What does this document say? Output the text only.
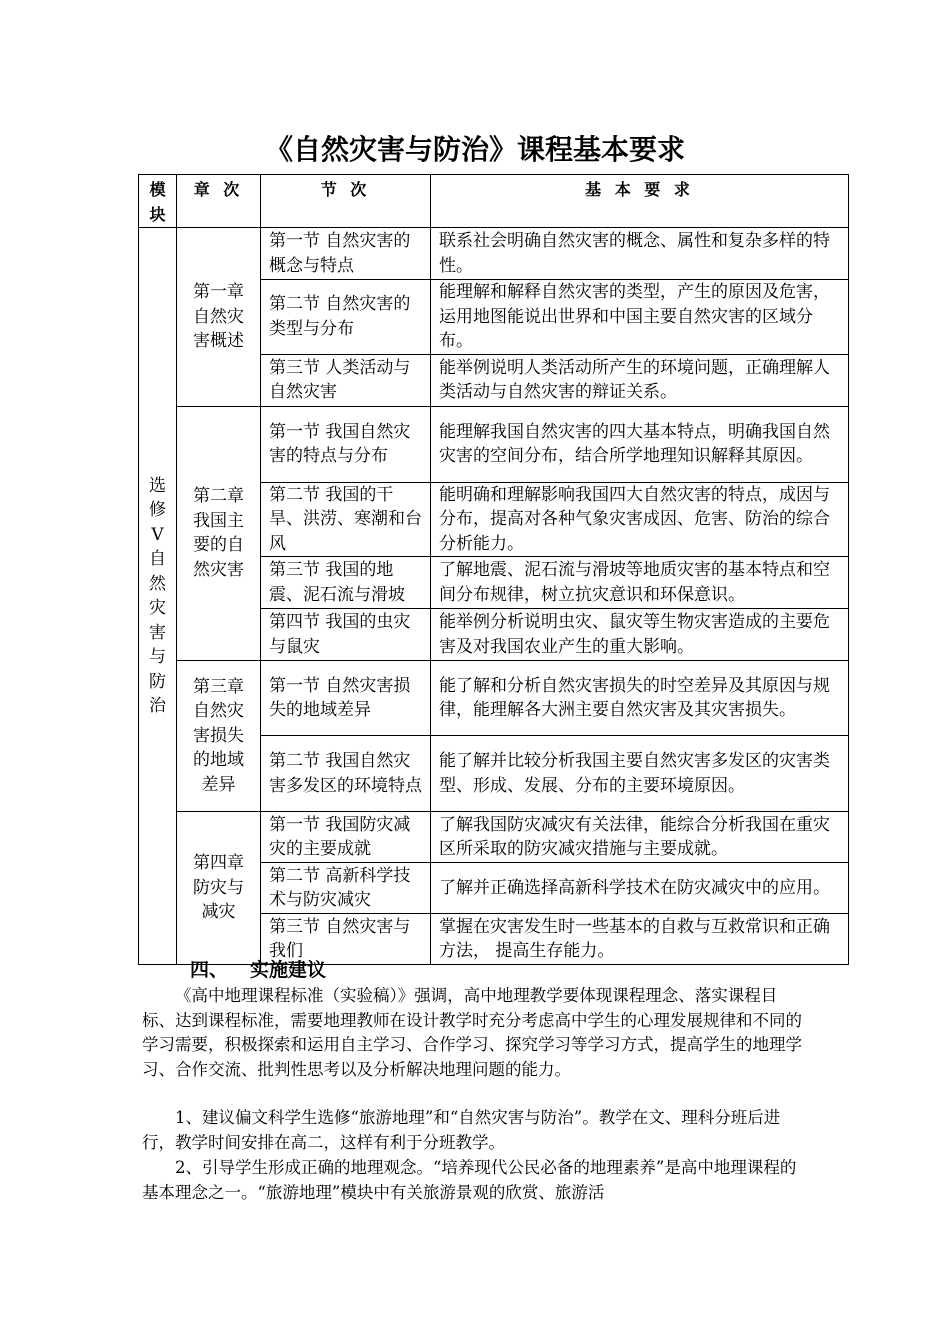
《自然灾害与防治》课程基本要求
模块	章 次	节 次	基 本 要 求
选修V自然灾害与防治	第一章自然灾害概述	第一节 自然灾害的概念与特点	联系社会明确自然灾害的概念、属性和复杂多样的特性。
		第二节 自然灾害的类型与分布	能理解和解释自然灾害的类型，产生的原因及危害，运用地图能说出世界和中国主要自然灾害的区域分布。
		第三节 人类活动与自然灾害	能举例说明人类活动所产生的环境问题，正确理解人类活动与自然灾害的辩证关系。
	第二章我国主要的自然灾害	第一节 我国自然灾害的特点与分布	能理解我国自然灾害的四大基本特点，明确我国自然灾害的空间分布，结合所学地理知识解释其原因。
		第二节 我国的干旱、洪涝、寒潮和台风	能明确和理解影响我国四大自然灾害的特点，成因与分布，提高对各种气象灾害成因、危害、防治的综合分析能力。
		第三节 我国的地震、泥石流与滑坡	了解地震、泥石流与滑坡等地质灾害的基本特点和空间分布规律，树立抗灾意识和环保意识。
		第四节 我国的虫灾与鼠灾	能举例分析说明虫灾、鼠灾等生物灾害造成的主要危害及对我国农业产生的重大影响。
	第三章自然灾害损失的地域差异	第一节 自然灾害损失的地域差异	能了解和分析自然灾害损失的时空差异及其原因与规律，能理解各大洲主要自然灾害及其灾害损失。
		第二节 我国自然灾害多发区的环境特点	能了解并比较分析我国主要自然灾害多发区的灾害类型、形成、发展、分布的主要环境原因。
	第四章防灾与减灾	第一节 我国防灾减灾的主要成就	了解我国防灾减灾有关法律，能综合分析我国在重灾区所采取的防灾减灾措施与主要成就。
		第二节 高新科学技术与防灾减灾	了解并正确选择高新科学技术在防灾减灾中的应用。
		第三节 自然灾害与我们	掌握在灾害发生时一些基本的自救与互救常识和正确方法， 提高生存能力。
四、 实施建议

《高中地理课程标准（实验稿）》强调，高中地理教学要体现课程理念、落实课程目标、达到课程标准，需要地理教师在设计教学时充分考虑高中学生的心理发展规律和不同的学习需要，积极探索和运用自主学习、合作学习、探究学习等学习方式，提高学生的地理学习、合作交流、批判性思考以及分析解决地理问题的能力。

1、建议偏文科学生选修“旅游地理”和“自然灾害与防治”。教学在文、理科分班后进行，教学时间安排在高二，这样有利于分班教学。

2、引导学生形成正确的地理观念。“培养现代公民必备的地理素养”是高中地理课程的基本理念之一。“旅游地理”模块中有关旅游景观的欣赏、旅游活
